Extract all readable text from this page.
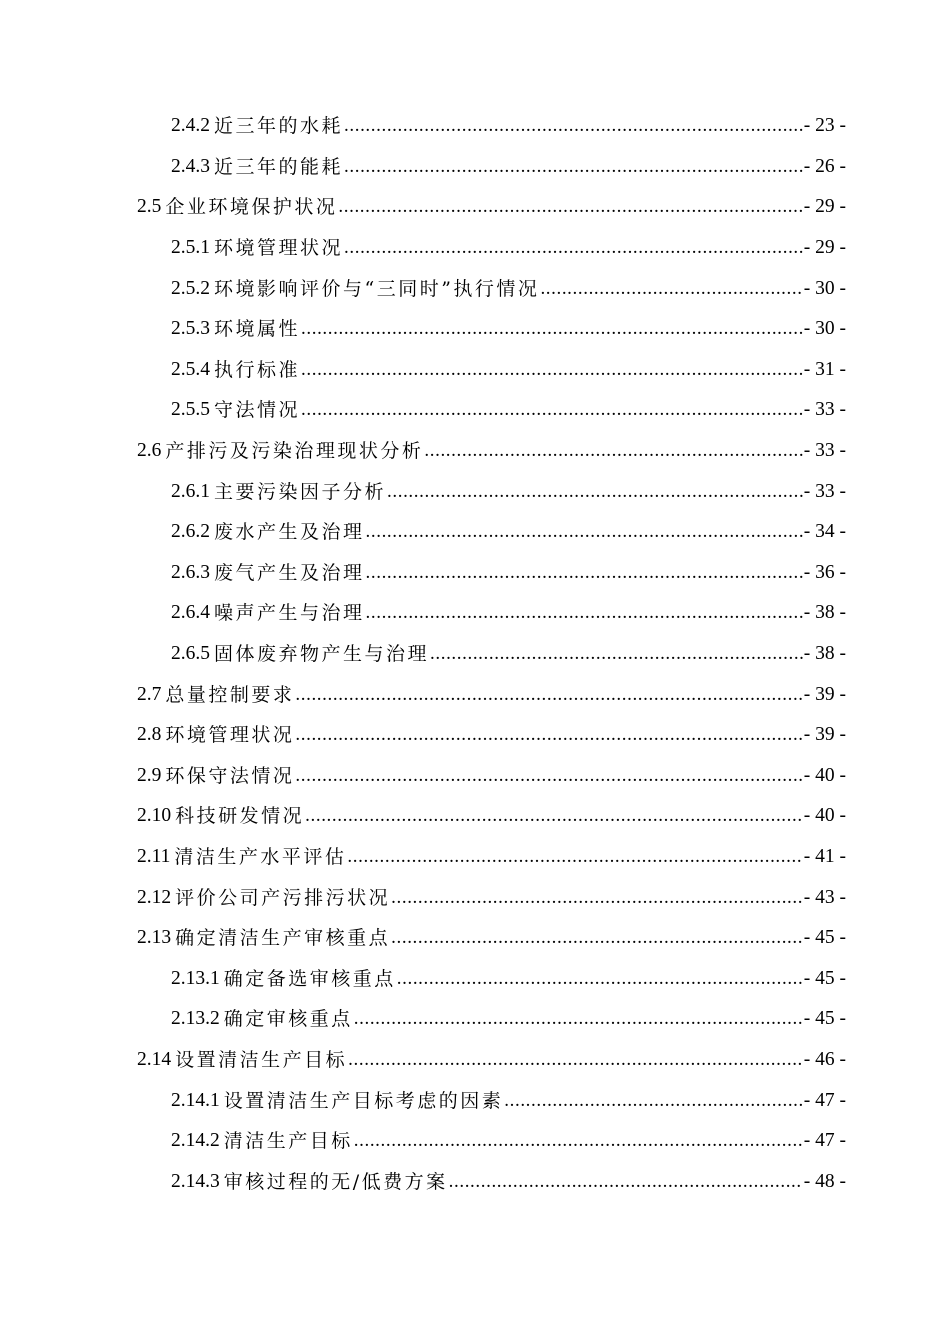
2.4.2 近三年的水耗 .....	- 23 -
2.4.3 近三年的能耗 .....	- 26 -
2.5 企业环境保护状况 .....	- 29 -
2.5.1 环境管理状况 .....	- 29 -
2.5.2 环境影响评价与“三同时”执行情况 .....	- 30 -
2.5.3 环境属性 .....	- 30 -
2.5.4 执行标准 .....	- 31 -
2.5.5 守法情况 .....	- 33 -
2.6 产排污及污染治理现状分析 .....	- 33 -
2.6.1 主要污染因子分析 .....	- 33 -
2.6.2 废水产生及治理 .....	- 34 -
2.6.3 废气产生及治理 .....	- 36 -
2.6.4 噪声产生与治理 .....	- 38 -
2.6.5 固体废弃物产生与治理 .....	- 38 -
2.7 总量控制要求 .....	- 39 -
2.8 环境管理状况 .....	- 39 -
2.9 环保守法情况 .....	- 40 -
2.10 科技研发情况 .....	- 40 -
2.11 清洁生产水平评估 .....	- 41 -
2.12 评价公司产污排污状况 .....	- 43 -
2.13 确定清洁生产审核重点 .....	- 45 -
2.13.1 确定备选审核重点 .....	- 45 -
2.13.2 确定审核重点 .....	- 45 -
2.14 设置清洁生产目标 .....	- 46 -
2.14.1 设置清洁生产目标考虑的因素 .....	- 47 -
2.14.2 清洁生产目标 .....	- 47 -
2.14.3 审核过程的无/低费方案 .....	- 48 -
